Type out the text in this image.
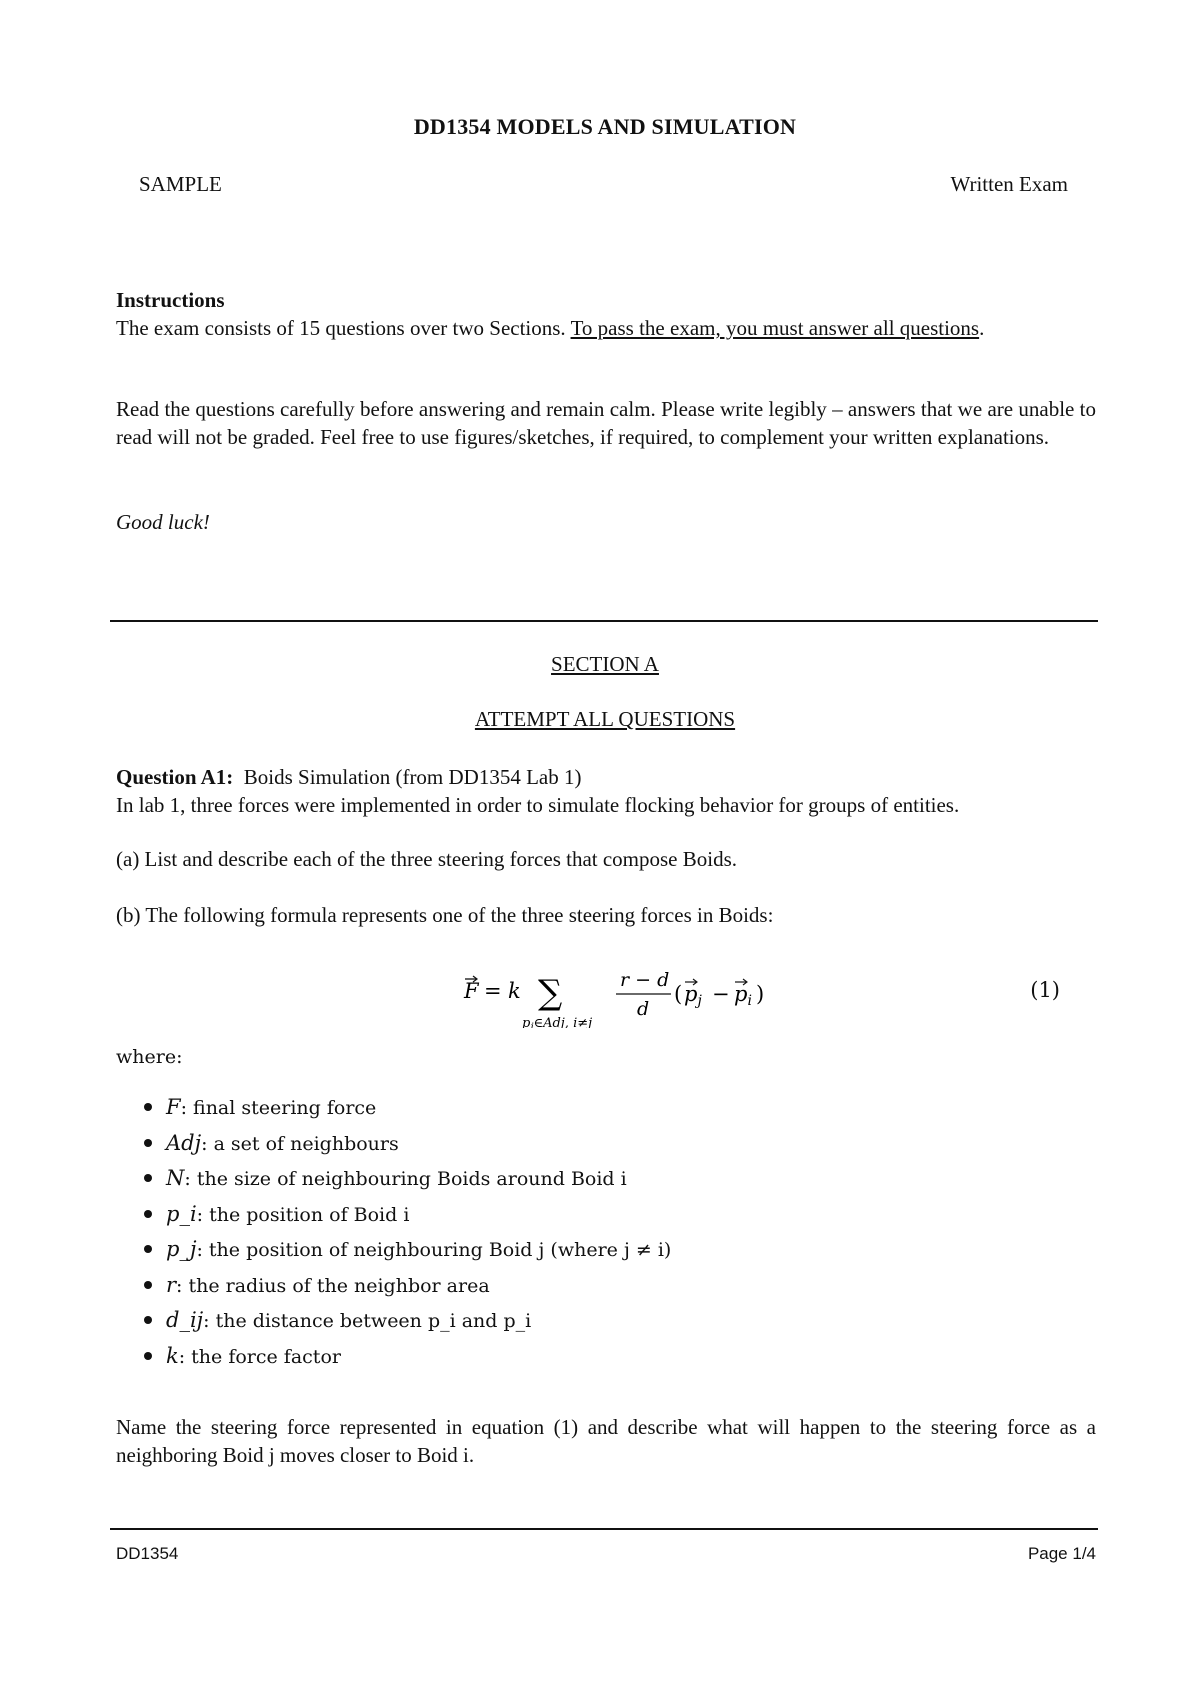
DD1354 MODELS AND SIMULATION
SAMPLE	Written Exam
Instructions
The exam consists of 15 questions over two Sections. To pass the exam, you must answer all questions.
Read the questions carefully before answering and remain calm. Please write legibly – answers that we are unable to read will not be graded. Feel free to use figures/sketches, if required, to complement your written explanations.
Good luck!
SECTION A
ATTEMPT ALL QUESTIONS
Question A1: Boids Simulation (from DD1354 Lab 1)
In lab 1, three forces were implemented in order to simulate flocking behavior for groups of entities.
(a) List and describe each of the three steering forces that compose Boids.
(b) The following formula represents one of the three steering forces in Boids:
F = k ∑
$p_j\in Adj$, i≠j
r − d
d
( pj − pi )	(1)
where:
F: final steering force
Adj: a set of neighbours
N: the size of neighbouring Boids around Boid i
p_i: the position of Boid i
p_j: the position of neighbouring Boid j (where j ≠ i)
r: the radius of the neighbor area
d_ij: the distance between p_i and p_i
k: the force factor
Name the steering force represented in equation (1) and describe what will happen to the steering force as a neighboring Boid j moves closer to Boid i.
DD1354	Page 1/4
